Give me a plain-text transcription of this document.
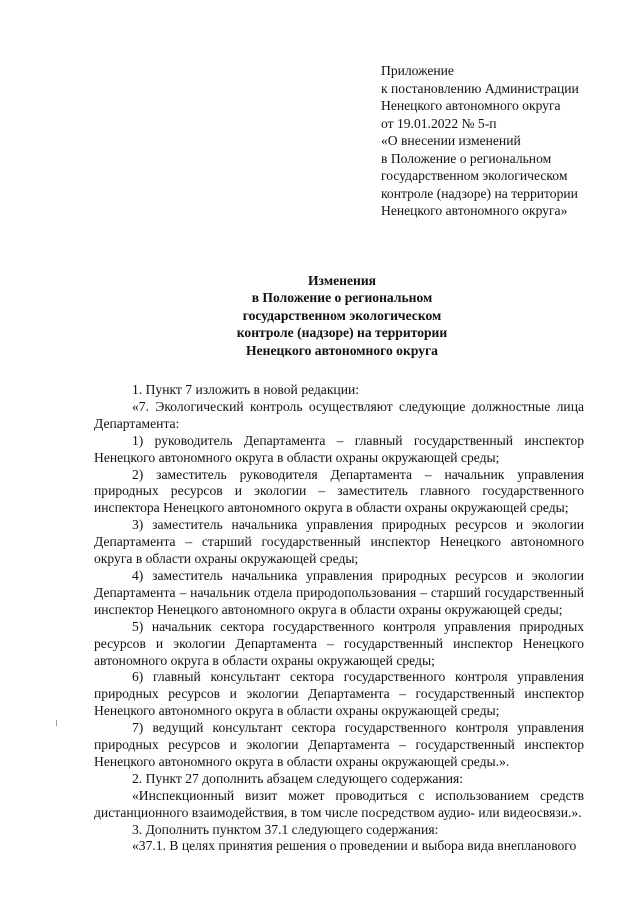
Приложение
к постановлению Администрации
Ненецкого автономного округа
от 19.01.2022 № 5-п
«О внесении изменений
в Положение о региональном
государственном экологическом
контроле (надзоре) на территории
Ненецкого автономного округа»
Изменения
в Положение о региональном
государственном экологическом
контроле (надзоре) на территории
Ненецкого автономного округа

1. Пункт 7 изложить в новой редакции:

«7. Экологический контроль осуществляют следующие должностные лица Департамента:

1) руководитель Департамента – главный государственный инспектор Ненецкого автономного округа в области охраны окружающей среды;

2) заместитель руководителя Департамента – начальник управления природных ресурсов и экологии – заместитель главного государственного инспектора Ненецкого автономного округа в области охраны окружающей среды;

3) заместитель начальника управления природных ресурсов и экологии Департамента – старший государственный инспектор Ненецкого автономного округа в области охраны окружающей среды;

4) заместитель начальника управления природных ресурсов и экологии Департамента – начальник отдела природопользования – старший государственный инспектор Ненецкого автономного округа в области охраны окружающей среды;

5) начальник сектора государственного контроля управления природных ресурсов и экологии Департамента – государственный инспектор Ненецкого автономного округа в области охраны окружающей среды;

6) главный консультант сектора государственного контроля управления природных ресурсов и экологии Департамента – государственный инспектор Ненецкого автономного округа в области охраны окружающей среды;

7) ведущий консультант сектора государственного контроля управления природных ресурсов и экологии Департамента – государственный инспектор Ненецкого автономного округа в области охраны окружающей среды.».

2. Пункт 27 дополнить абзацем следующего содержания:

«Инспекционный визит может проводиться с использованием средств дистанционного взаимодействия, в том числе посредством аудио- или видеосвязи.».

3. Дополнить пунктом 37.1 следующего содержания:

«37.1. В целях принятия решения о проведении и выбора вида внепланового
